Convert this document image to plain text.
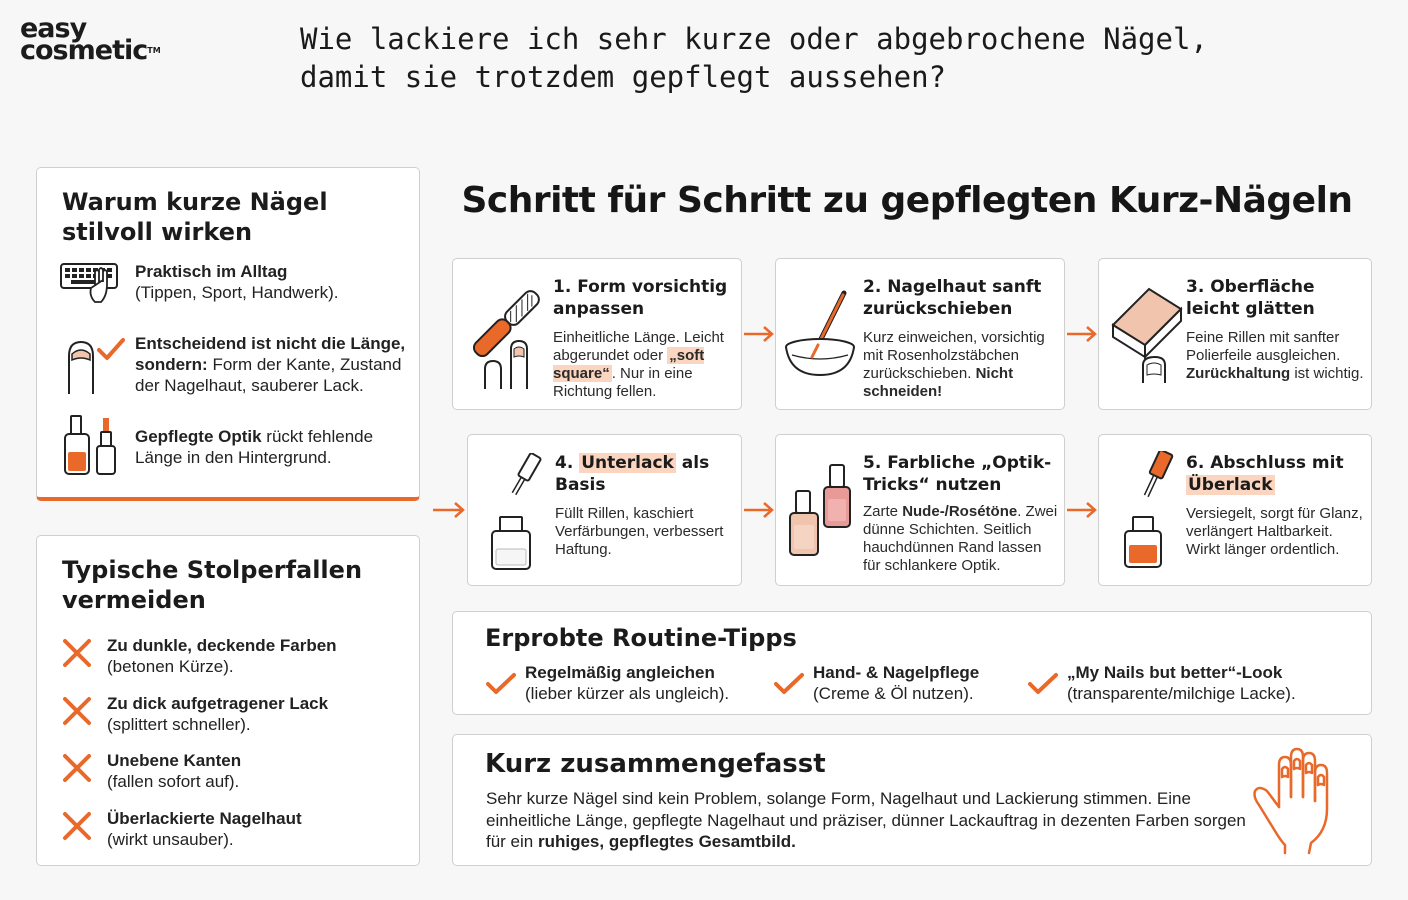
easy
cosmetic™	Wie lackiere ich sehr kurze oder abgebrochene Nägel, damit sie trotzdem gepflegt aussehen?
Warum kurze Nägel stilvoll wirken
Praktisch im Alltag
(Tippen, Sport, Handwerk).
Entscheidend ist nicht die Länge, sondern: Form der Kante, Zustand der Nagelhaut, sauberer Lack.
Gepflegte Optik rückt fehlende Länge in den Hintergrund.
Typische Stolperfallen vermeiden
Zu dunkle, deckende Farben
(betonen Kürze).
Zu dick aufgetragener Lack
(splittert schneller).
Unebene Kanten
(fallen sofort auf).
Überlackierte Nagelhaut
(wirkt unsauber).
Schritt für Schritt zu gepflegten Kurz-Nägeln
1. Form vorsichtig anpassen
Einheitliche Länge. Leicht abgerundet oder „soft square“ . Nur in eine Richtung fellen.
2. Nagelhaut sanft zurückschieben
Kurz einweichen, vorsichtig mit Rosenholzstäbchen zurückschieben. Nicht schneiden!
3. Oberfläche leicht glätten
Feine Rillen mit sanfter Polierfeile ausgleichen. Zurückhaltung ist wichtig.
4. Unterlack als Basis
Füllt Rillen, kaschiert Verfärbungen, verbessert Haftung.
5. Farbliche „Optik-Tricks“ nutzen
Zarte Nude-/Rosétöne. Zwei dünne Schichten. Seitlich hauchdünnen Rand lassen für schlankere Optik.
6. Abschluss mit Überlack
Versiegelt, sorgt für Glanz, verlängert Haltbarkeit. Wirkt länger ordentlich.
Erprobte Routine-Tipps
Regelmäßig angleichen
(lieber kürzer als ungleich).
Hand- & Nagelpflege
(Creme & Öl nutzen).
„My Nails but better“-Look
(transparente/milchige Lacke).
Kurz zusammengefasst
Sehr kurze Nägel sind kein Problem, solange Form, Nagelhaut und Lackierung stimmen. Eine einheitliche Länge, gepflegte Nagelhaut und präziser, dünner Lackauftrag in dezenten Farben sorgen für ein ruhiges, gepflegtes Gesamtbild.
